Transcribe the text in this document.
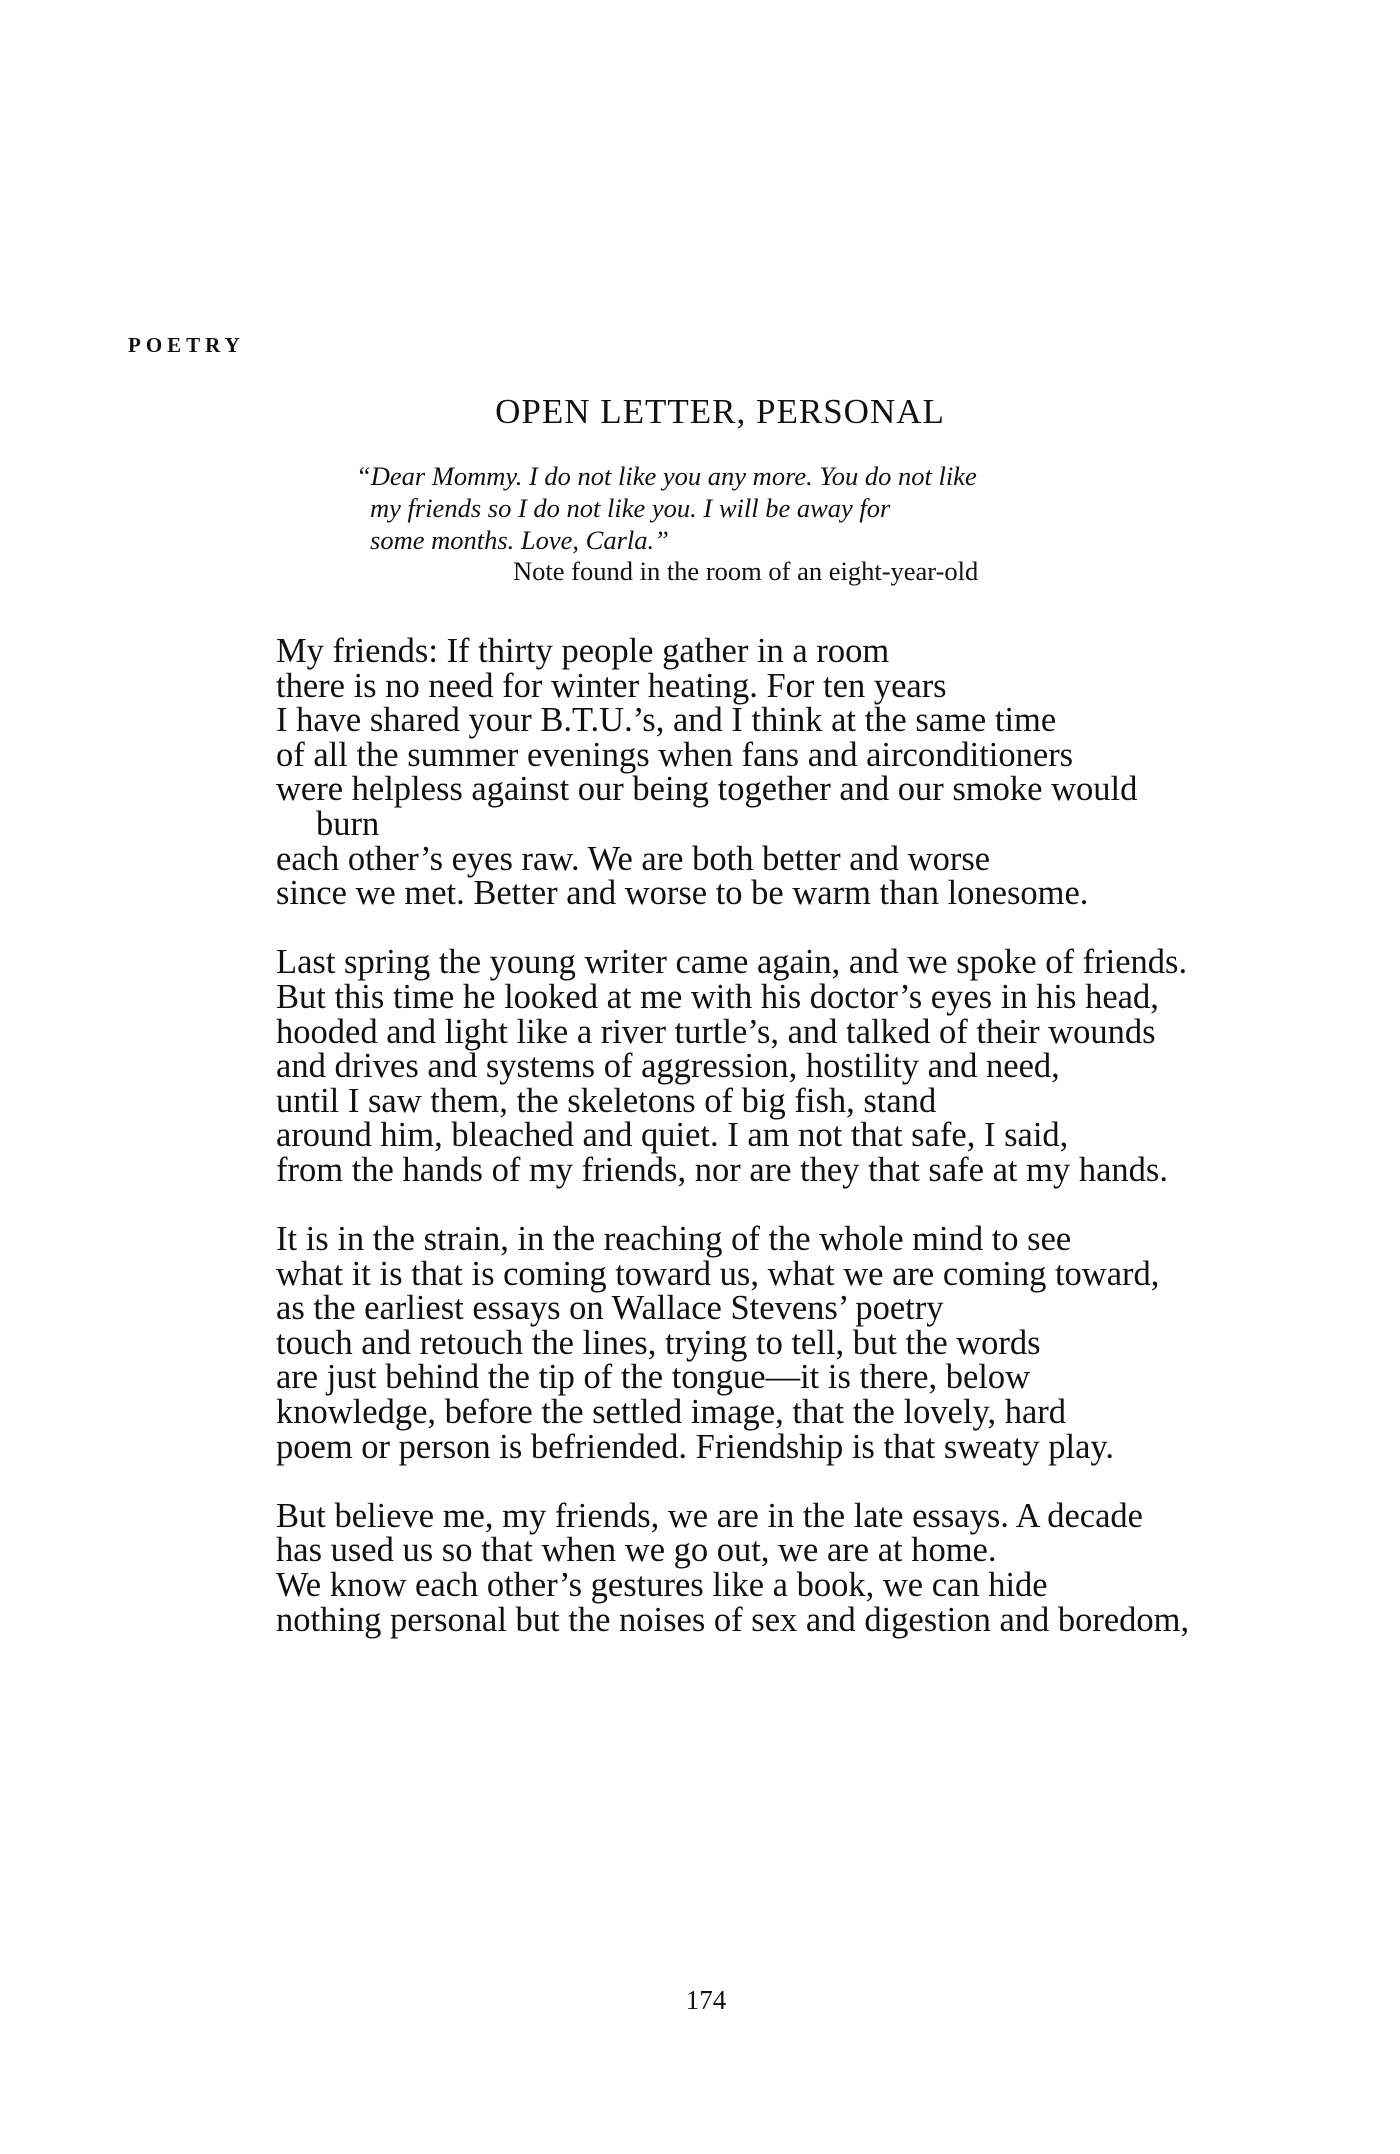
POETRY
OPEN LETTER, PERSONAL
“Dear Mommy. I do not like you any more. You do not like
my friends so I do not like you. I will be away for
some months. Love, Carla.”
Note found in the room of an eight-year-old
My friends: If thirty people gather in a room
there is no need for winter heating. For ten years
I have shared your B.T.U.’s, and I think at the same time
of all the summer evenings when fans and airconditioners
were helpless against our being together and our smoke would
burn
each other’s eyes raw. We are both better and worse
since we met. Better and worse to be warm than lonesome.
Last spring the young writer came again, and we spoke of friends.
But this time he looked at me with his doctor’s eyes in his head,
hooded and light like a river turtle’s, and talked of their wounds
and drives and systems of aggression, hostility and need,
until I saw them, the skeletons of big fish, stand
around him, bleached and quiet. I am not that safe, I said,
from the hands of my friends, nor are they that safe at my hands.
It is in the strain, in the reaching of the whole mind to see
what it is that is coming toward us, what we are coming toward,
as the earliest essays on Wallace Stevens’ poetry
touch and retouch the lines, trying to tell, but the words
are just behind the tip of the tongue—it is there, below
knowledge, before the settled image, that the lovely, hard
poem or person is befriended. Friendship is that sweaty play.
But believe me, my friends, we are in the late essays. A decade
has used us so that when we go out, we are at home.
We know each other’s gestures like a book, we can hide
nothing personal but the noises of sex and digestion and boredom,
174
